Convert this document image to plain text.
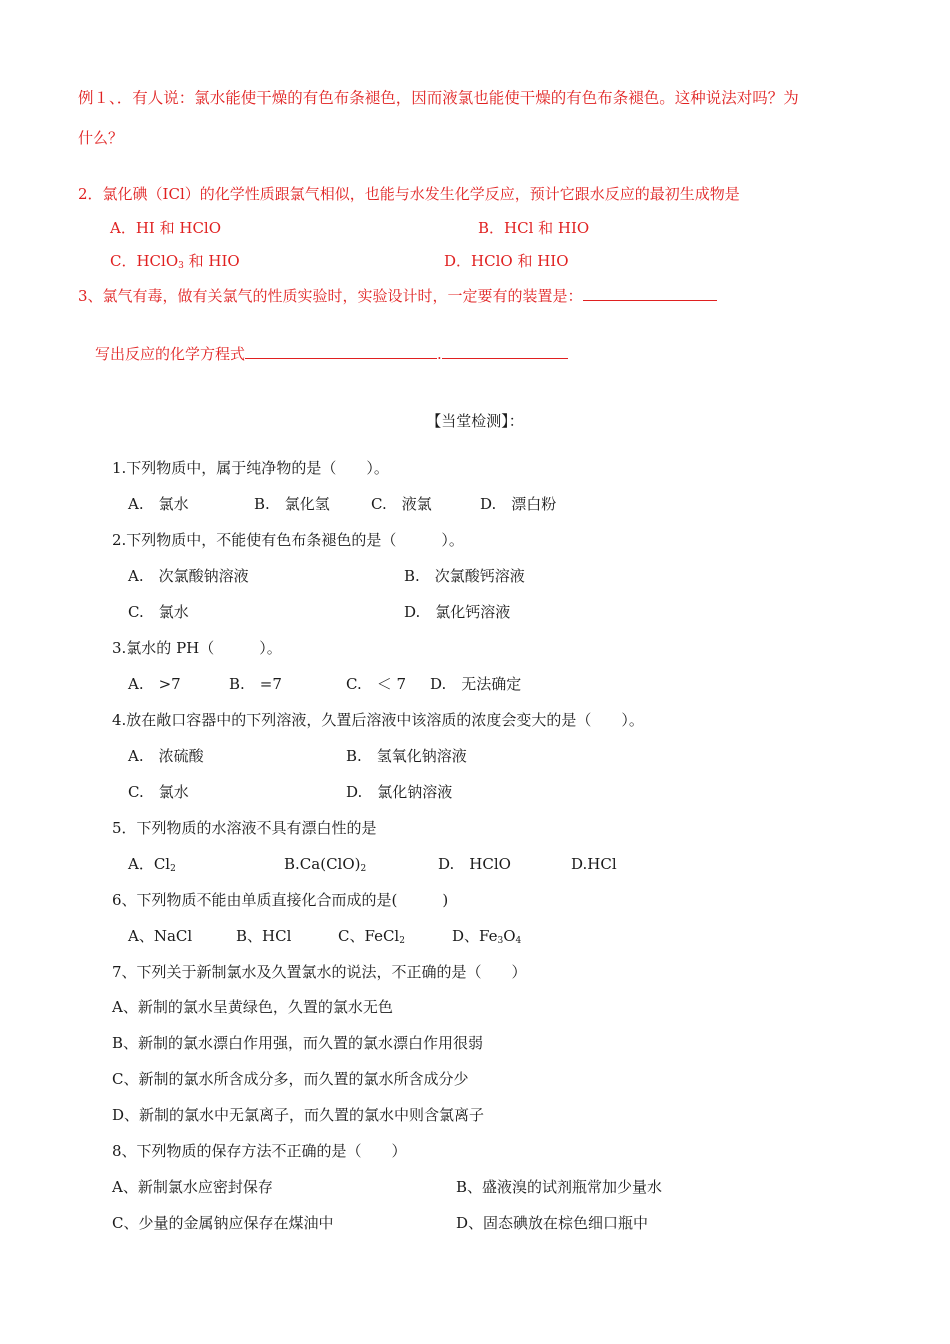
例１、．有人说：氯水能使干燥的有色布条褪色，因而液氯也能使干燥的有色布条褪色。这种说法对吗？为
什么？
2．氯化碘（ICl）的化学性质跟氯气相似，也能与水发生化学反应，预计它跟水反应的最初生成物是
A．HI 和 HClO	B．HCl 和 HIO
C．HClO$_3$ 和 HIO	D．HClO 和 HIO
3、氯气有毒，做有关氯气的性质实验时，实验设计时，一定要有的装置是：
写出反应的化学方程式	.
【当堂检测】：
1.下列物质中，属于纯净物的是（　　）。
A.　氯水	B.　氯化氢	C.　液氯	D.　漂白粉
2.下列物质中，不能使有色布条褪色的是（　　　）。
A.　次氯酸钠溶液	B.　次氯酸钙溶液
C.　氯水	D.　氯化钙溶液
3.氯水的 PH（　　　）。
A.　>7	B.　=7	C.　＜ 7 D.　无法确定
4.放在敞口容器中的下列溶液，久置后溶液中该溶质的浓度会变大的是（　　）。
A.　浓硫酸	B.　氢氧化钠溶液
C.　氯水	D.　氯化钠溶液
5．下列物质的水溶液不具有漂白性的是
A．$Cl_2$	$B.Ca(ClO)_2$	D.　HClO	D.HCl
6、下列物质不能由单质直接化合而成的是(　　　)
A、NaCl	B、HCl	C、FeCl$_2$	D、$Fe_3O_4$
7、下列关于新制氯水及久置氯水的说法，不正确的是（　　）
A、新制的氯水呈黄绿色，久置的氯水无色
B、新制的氯水漂白作用强，而久置的氯水漂白作用很弱
C、新制的氯水所含成分多，而久置的氯水所含成分少
D、新制的氯水中无氯离子，而久置的氯水中则含氯离子
8、下列物质的保存方法不正确的是（　　）
A、新制氯水应密封保存	B、盛液溴的试剂瓶常加少量水
C、少量的金属钠应保存在煤油中	D、固态碘放在棕色细口瓶中
